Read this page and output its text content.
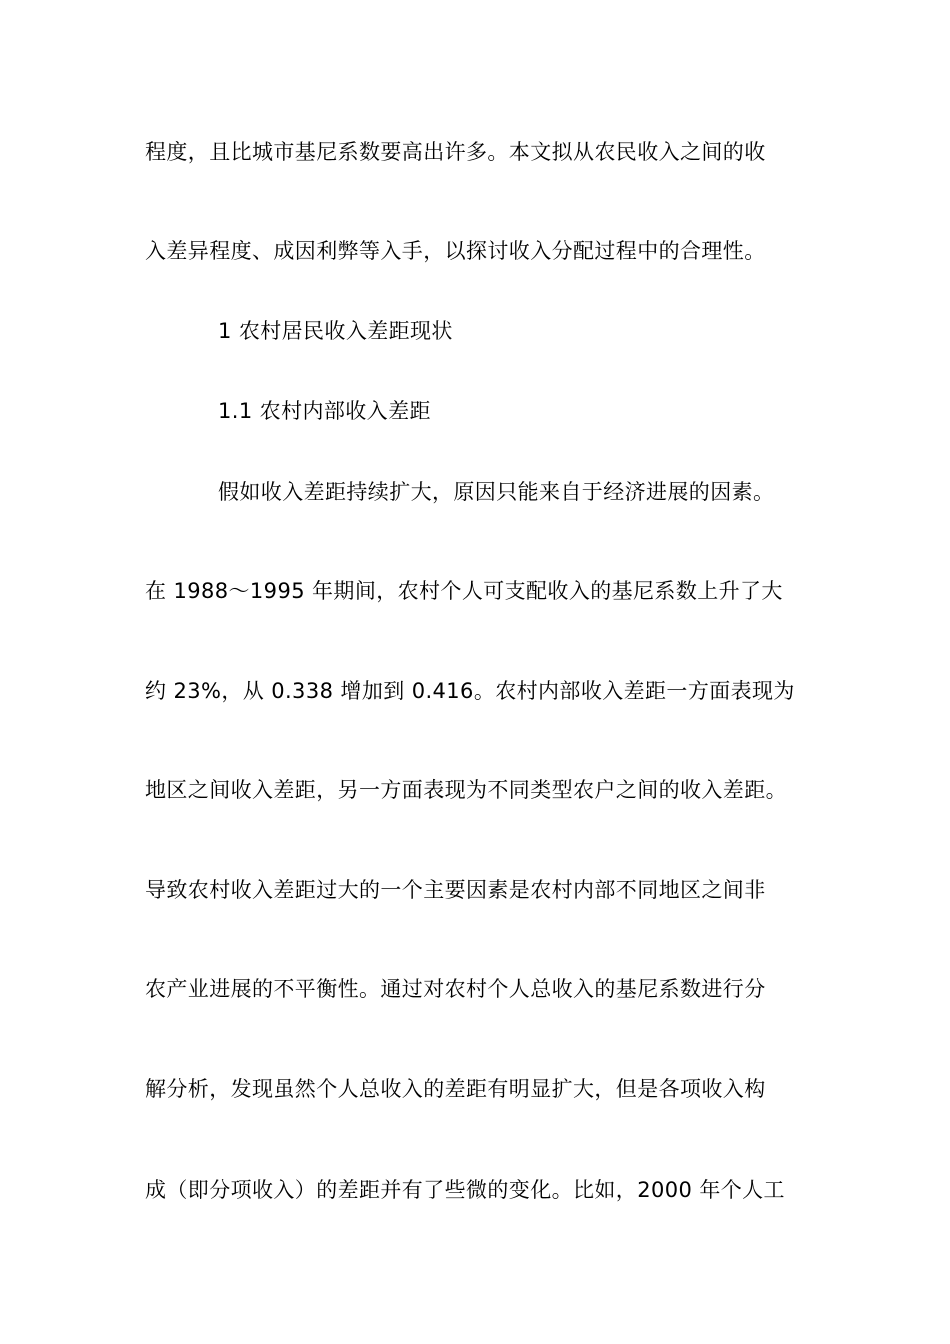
程度，且比城市基尼系数要高出许多。本文拟从农民收入之间的收
入差异程度、成因利弊等入手，以探讨收入分配过程中的合理性。
1 农村居民收入差距现状
1.1 农村内部收入差距
假如收入差距持续扩大，原因只能来自于经济进展的因素。
在 1988～1995 年期间，农村个人可支配收入的基尼系数上升了大
约 23%，从 0.338 增加到 0.416。农村内部收入差距一方面表现为
地区之间收入差距，另一方面表现为不同类型农户之间的收入差距。
导致农村收入差距过大的一个主要因素是农村内部不同地区之间非
农产业进展的不平衡性。通过对农村个人总收入的基尼系数进行分
解分析，发现虽然个人总收入的差距有明显扩大，但是各项收入构
成（即分项收入）的差距并有了些微的变化。比如，2000 年个人工
